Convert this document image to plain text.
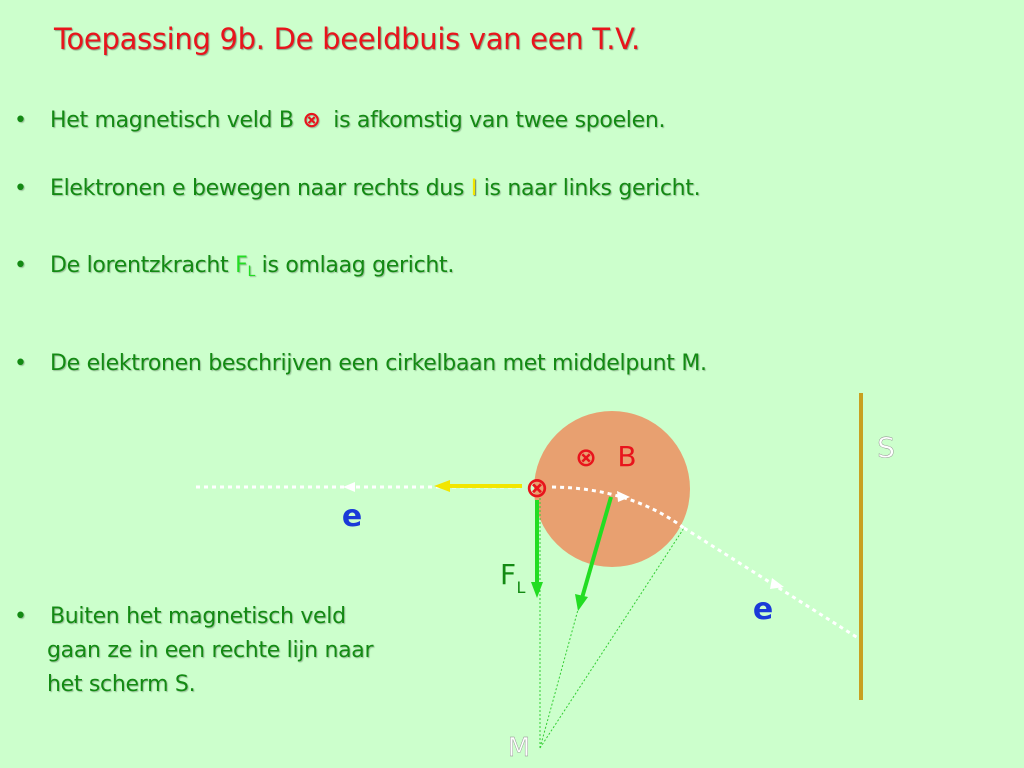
Toepassing 9b. De beeldbuis van een T.V.
• Het magnetisch veld B ⊗ is afkomstig van twee spoelen.
• Elektronen e bewegen naar rechts dus I is naar links gericht.
• De lorentzkracht $F_L$ is omlaag gericht.
• De elektronen beschrijven een cirkelbaan met middelpunt M.
• Buiten het magnetisch veld
gaan ze in een rechte lijn naar
het scherm S.
⊗
⊗ B
e
e
F L
S
M
